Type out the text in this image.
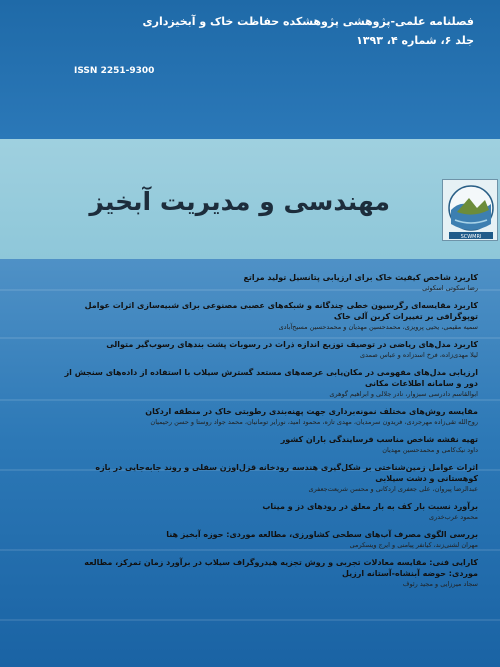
فصلنامه علمی-پژوهشی پژوهشکده حفاظت خاک و آبخیزداری
جلد ۶، شماره ۴، ۱۳۹۳
ISSN 2251-9300
مهندسی و مدیریت آبخیز
SCWMRI
کاربرد شاخص کیفیت خاک برای ارزیابی پتانسیل تولید مراتع
رضا سکوتی اسکوئی
کاربرد مقایسه‌ای رگرسیون خطی چندگانه و شبکه‌های عصبی مصنوعی برای شبیه‌سازی اثرات عوامل توپوگرافی بر تغییرات کربن آلی خاک
سمیه مقیمی، یحیی پرویزی، محمدحسین مهدیان و محمدحسین مسیح‌آبادی
کاربرد مدل‌های ریاضی در توصیف توزیع اندازه ذرات در رسوبات پشت بندهای رسوب‌گیر متوالی
لیلا مهدی‌زاده، فرخ اسدزاده و عباس صمدی
ارزیابی مدل‌های مفهومی در مکان‌یابی عرصه‌های مستعد گسترش سیلاب با استفاده از داده‌های سنجش از دور و سامانه اطلاعات مکانی
ابوالقاسم دادرسی سبزوار، نادر جلالی و ابراهیم گوهری
مقایسه روش‌های مختلف نمونه‌برداری جهت پهنه‌بندی رطوبتی خاک در منطقه اردکان
روح‌الله تقی‌زاده مهرجردی، فریدون سرمدیان، مهدی تازه، محمود امید، نورایر تومانیان، محمد جواد روستا و حسن رحیمیان
تهیه نقشه شاخص مناسب فرسایندگی باران کشور
داود نیک‌کامی و محمدحسین مهدیان
اثرات عوامل زمین‌شناختی بر شکل‌گیری هندسه رودخانه قزل‌اوزن سفلی و روند جابه‌جایی در بازه کوهستانی و دشت سیلابی
عبدالرضا پیروان، علی جعفری اردکانی و محسن شریعت‌جعفری
برآورد نسبت بار کف به بار معلق در رودهای دز و میناب
محمود عرب‌خدری
بررسی الگوی مصرف آب‌های سطحی کشاورزی، مطالعه موردی: حوزه آبخیز هنا
مهران لشنی‌زند، کیانفر پیامنی و ایرج ویسکرمی
کارایی فنی: مقایسه معادلات تجربی و روش تجزیه هیدروگراف سیلاب در برآورد زمان تمرکز، مطالعه موردی: حوضه آبنشاه-آستانه ارزیل
سجاد میرزایی و مجید رئوف
